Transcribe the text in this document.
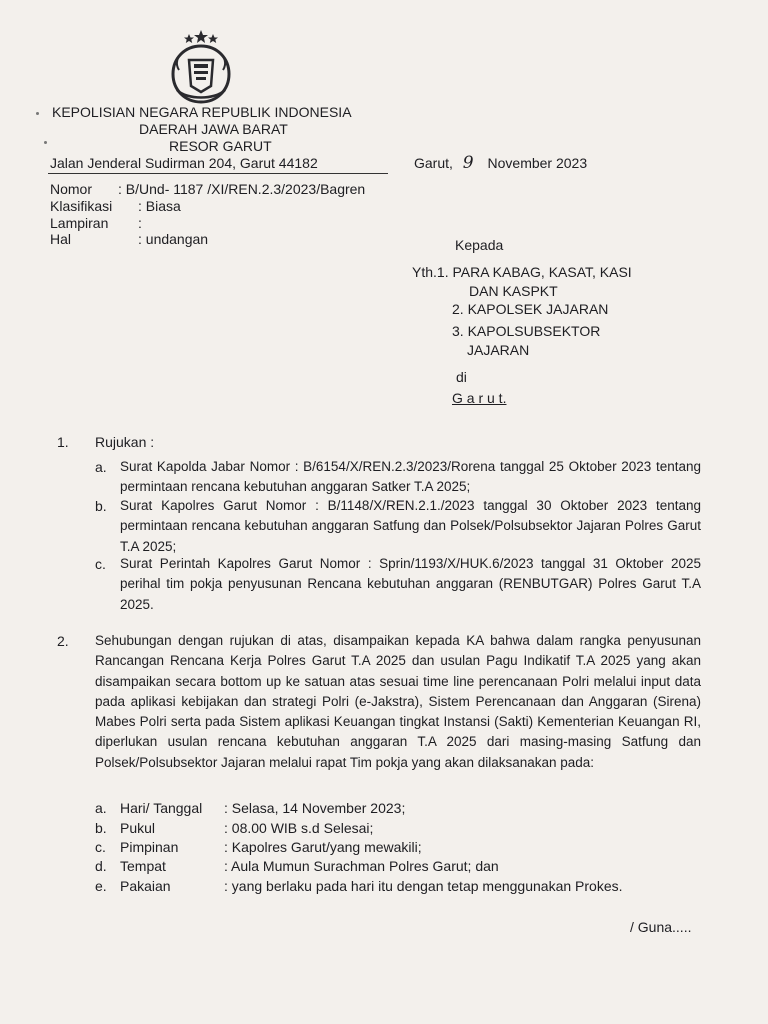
KEPOLISIAN NEGARA REPUBLIK INDONESIA
DAERAH JAWA BARAT
RESOR GARUT
Jalan Jenderal Sudirman 204, Garut 44182	Garut, 9 November 2023
Nomor : B/Und- 1187 /XI/REN.2.3/2023/Bagren
Klasifikasi : Biasa
Lampiran :
Hal	: undangan	Kepada
Yth.1. PARA KABAG, KASAT, KASI
DAN KASPKT
2. KAPOLSEK JAJARAN
3. KAPOLSUBSEKTOR
JAJARAN
di
G a r u t.
1. Rujukan :
a. Surat Kapolda Jabar Nomor : B/6154/X/REN.2.3/2023/Rorena tanggal 25 Oktober 2023 tentang permintaan rencana kebutuhan anggaran Satker T.A 2025;
b. Surat Kapolres Garut Nomor : B/1148/X/REN.2.1./2023 tanggal 30 Oktober 2023 tentang permintaan rencana kebutuhan anggaran Satfung dan Polsek/Polsubsektor Jajaran Polres Garut T.A 2025;
c. Surat Perintah Kapolres Garut Nomor : Sprin/1193/X/HUK.6/2023 tanggal 31 Oktober 2025 perihal tim pokja penyusunan Rencana kebutuhan anggaran (RENBUTGAR) Polres Garut T.A 2025.
2. Sehubungan dengan rujukan di atas, disampaikan kepada KA bahwa dalam rangka penyusunan Rancangan Rencana Kerja Polres Garut T.A 2025 dan usulan Pagu Indikatif T.A 2025 yang akan disampaikan secara bottom up ke satuan atas sesuai time line perencanaan Polri melalui input data pada aplikasi kebijakan dan strategi Polri (e-Jakstra), Sistem Perencanaan dan Anggaran (Sirena) Mabes Polri serta pada Sistem aplikasi Keuangan tingkat Instansi (Sakti) Kementerian Keuangan RI, diperlukan usulan rencana kebutuhan anggaran T.A 2025 dari masing-masing Satfung dan Polsek/Polsubsektor Jajaran melalui rapat Tim pokja yang akan dilaksanakan pada:
a. Hari/ Tanggal : Selasa, 14 November 2023;
b. Pukul	: 08.00 WIB s.d Selesai;
c. Pimpinan	: Kapolres Garut/yang mewakili;
d. Tempat	: Aula Mumun Surachman Polres Garut; dan
e. Pakaian	: yang berlaku pada hari itu dengan tetap menggunakan Prokes.
/ Guna.....
